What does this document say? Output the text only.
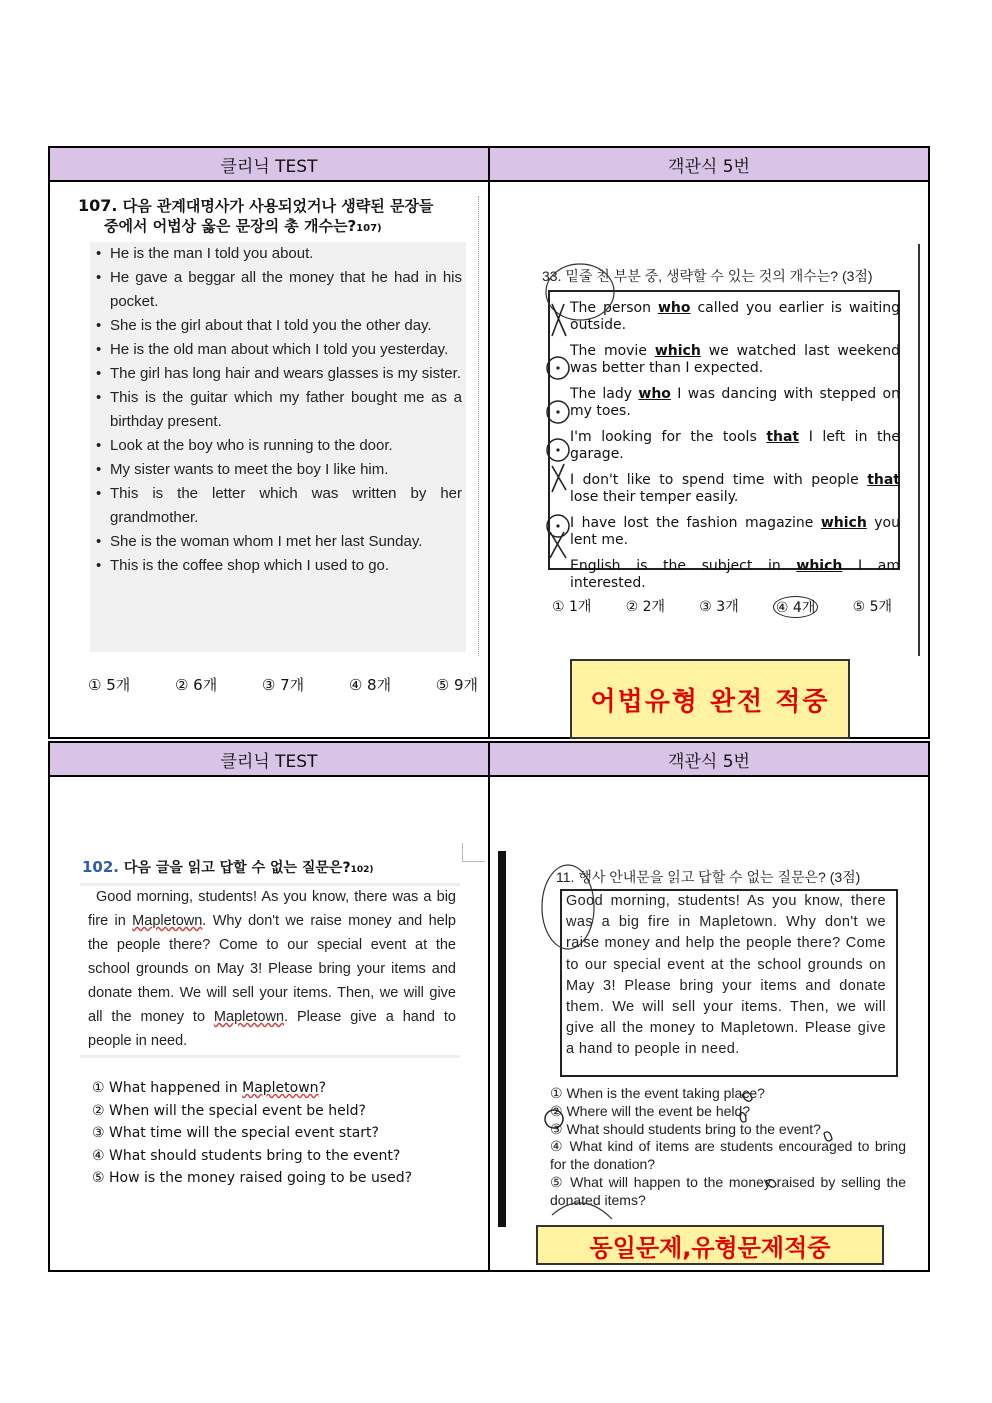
클리닉 TEST	객관식 5번
107. 다음 관계대명사가 사용되었거나 생략된 문장들
중에서 어법상 옳은 문장의 총 개수는?107)
• He is the man I told you about.
• He gave a beggar all the money that he had in his pocket.
• She is the girl about that I told you the other day.
• He is the old man about which I told you yesterday.
• The girl has long hair and wears glasses is my sister.
• This is the guitar which my father bought me as a birthday present.
• Look at the boy who is running to the door.
• My sister wants to meet the boy I like him.
• This is the letter which was written by her grandmother.
• She is the woman whom I met her last Sunday.
• This is the coffee shop which I used to go.
① 5개	② 6개	③ 7개	④ 8개	⑤ 9개
33. 밑줄 친 부분 중, 생략할 수 있는 것의 개수는? (3점)
The person who called you earlier is waiting outside.
The movie which we watched last weekend was better than I expected.
The lady who I was dancing with stepped on my toes.
I'm looking for the tools that I left in the garage.
I don't like to spend time with people that lose their temper easily.
I have lost the fashion magazine which you lent me.
English is the subject in which I am interested.
① 1개 ② 2개 ③ 3개	④ 4개	⑤ 5개
어법유형 완전 적중
클리닉 TEST	객관식 5번
102. 다음 글을 읽고 답할 수 없는 질문은?102)
Good morning, students! As you know, there was a big fire in Mapletown. Why don't we raise money and help the people there? Come to our special event at the school grounds on May 3! Please bring your items and donate them. We will sell your items. Then, we will give all the money to Mapletown. Please give a hand to people in need.
① What happened in Mapletown?
② When will the special event be held?
③ What time will the special event start?
④ What should students bring to the event?
⑤ How is the money raised going to be used?
11. 행사 안내문을 읽고 답할 수 없는 질문은? (3점)
Good morning, students! As you know, there was a big fire in Mapletown. Why don't we raise money and help the people there? Come to our special event at the school grounds on May 3! Please bring your items and donate them. We will sell your items. Then, we will give all the money to Mapletown. Please give a hand to people in need.
① When is the event taking place?
② Where will the event be held?
③ What should students bring to the event?
④ What kind of items are students encouraged to bring for the donation?
⑤ What will happen to the money raised by selling the donated items?
동일문제,유형문제적중
